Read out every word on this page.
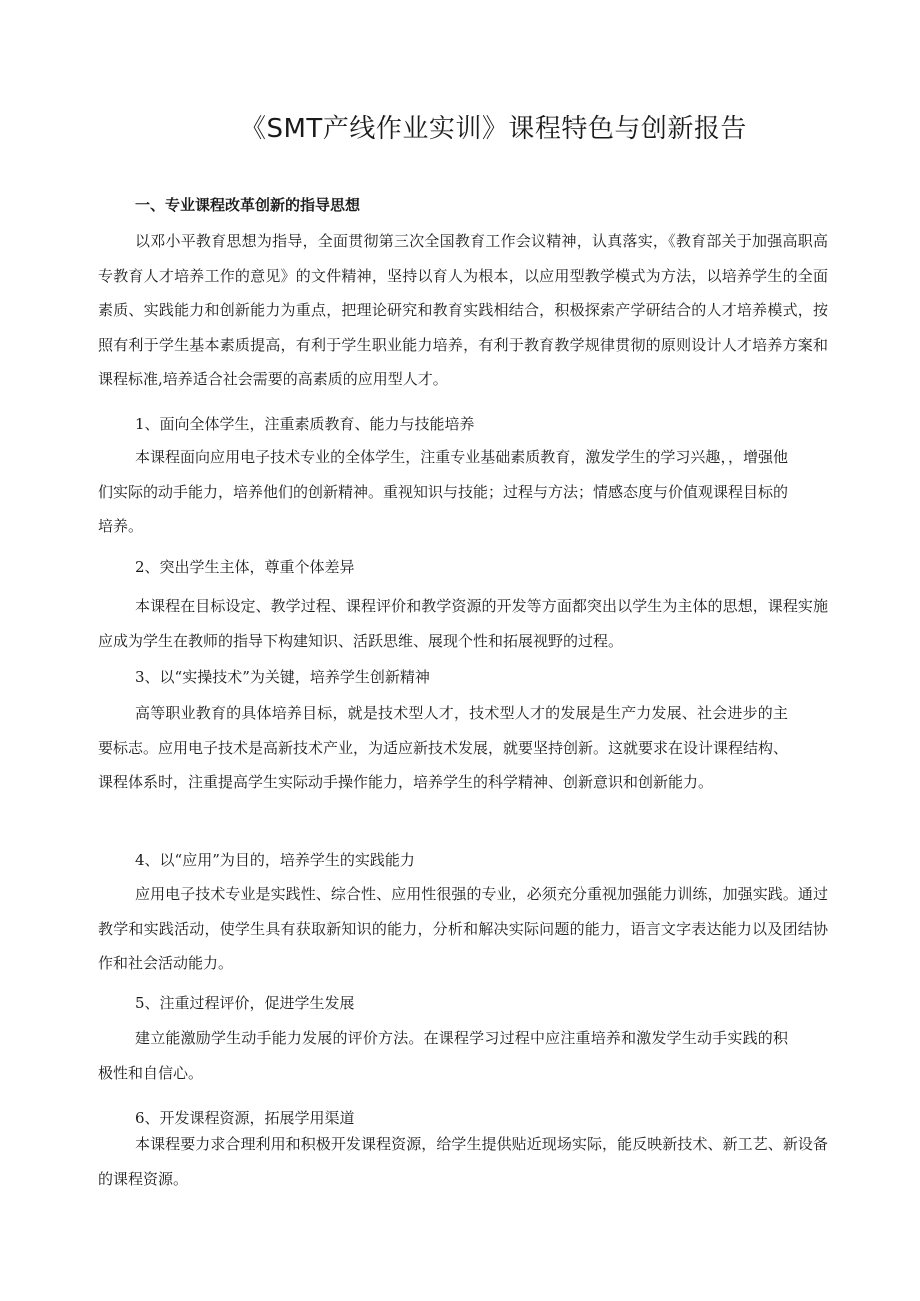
《SMT产线作业实训》课程特色与创新报告
一、专业课程改革创新的指导思想

以邓小平教育思想为指导，全面贯彻第三次全国教育工作会议精神，认真落实，《教育部关于加强高职高专教育人才培养工作的意见》的文件精神，坚持以育人为根本，以应用型教学模式为方法，以培养学生的全面素质、实践能力和创新能力为重点，把理论研究和教育实践相结合，积极探索产学研结合的人才培养模式，按照有利于学生基本素质提高，有利于学生职业能力培养，有利于教育教学规律贯彻的原则设计人才培养方案和课程标准,培养适合社会需要的高素质的应用型人才。

1、面向全体学生，注重素质教育、能力与技能培养

本课程面向应用电子技术专业的全体学生，注重专业基础素质教育，激发学生的学习兴趣，，增强他们实际的动手能力，培养他们的创新精神。重视知识与技能；过程与方法；情感态度与价值观课程目标的培养。

2、突出学生主体，尊重个体差异

本课程在目标设定、教学过程、课程评价和教学资源的开发等方面都突出以学生为主体的思想，课程实施应成为学生在教师的指导下构建知识、活跃思维、展现个性和拓展视野的过程。

3、以“实操技术”为关键，培养学生创新精神

高等职业教育的具体培养目标，就是技术型人才，技术型人才的发展是生产力发展、社会进步的主要标志。应用电子技术是高新技术产业，为适应新技术发展，就要坚持创新。这就要求在设计课程结构、课程体系时，注重提高学生实际动手操作能力，培养学生的科学精神、创新意识和创新能力。

4、以“应用”为目的，培养学生的实践能力

应用电子技术专业是实践性、综合性、应用性很强的专业，必须充分重视加强能力训练，加强实践。通过教学和实践活动，使学生具有获取新知识的能力，分析和解决实际问题的能力，语言文字表达能力以及团结协作和社会活动能力。

5、注重过程评价，促进学生发展

建立能激励学生动手能力发展的评价方法。在课程学习过程中应注重培养和激发学生动手实践的积极性和自信心。

6、开发课程资源，拓展学用渠道

本课程要力求合理利用和积极开发课程资源，给学生提供贴近现场实际，能反映新技术、新工艺、新设备的课程资源。
